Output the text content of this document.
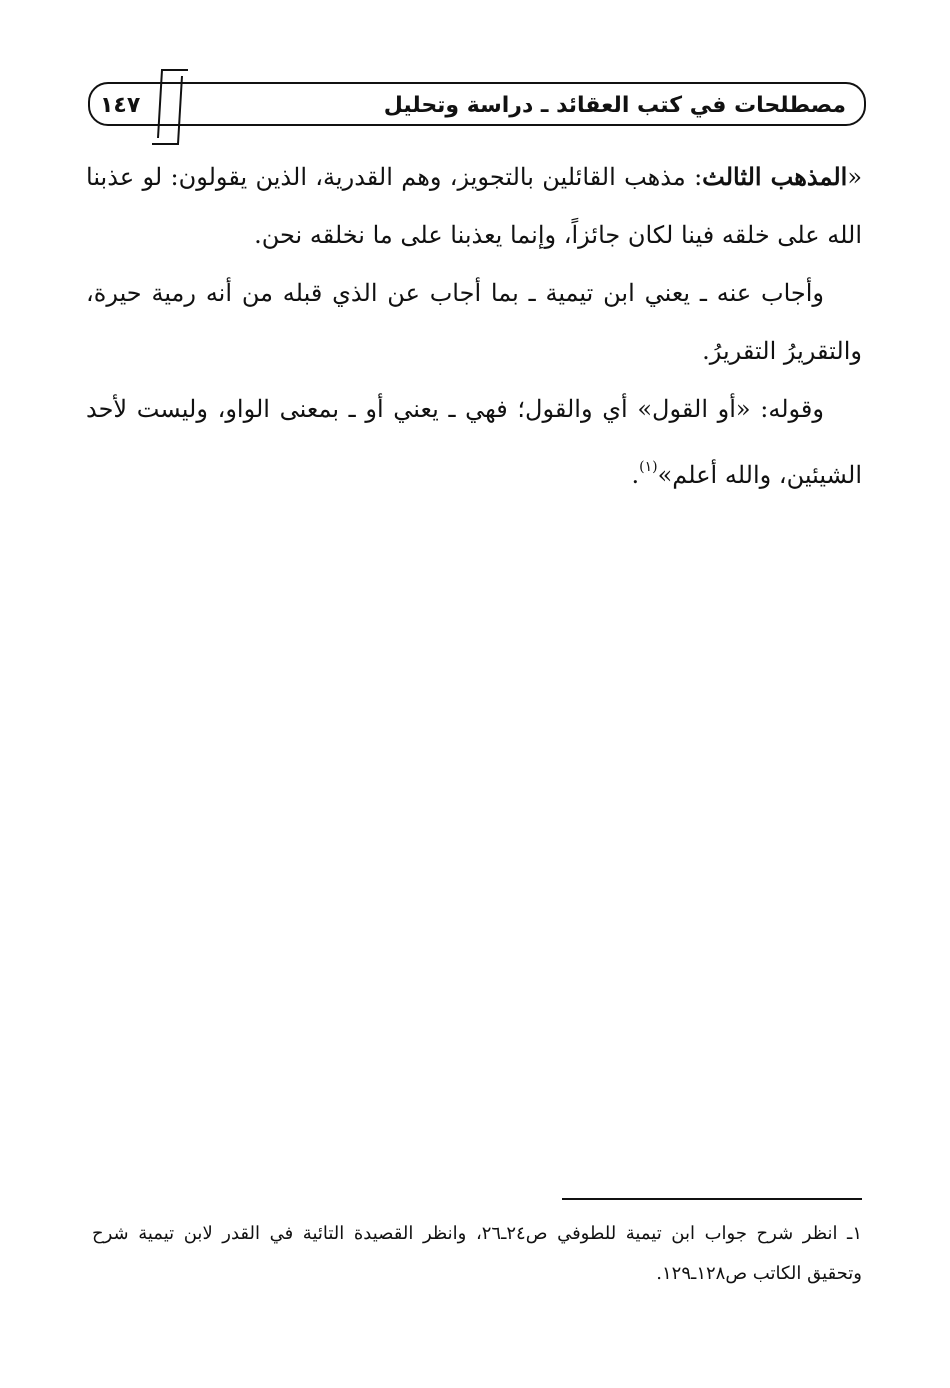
مصطلحات في كتب العقائد ـ دراسة وتحليل
١٤٧

«المذهب الثالث: مذهب القائلين بالتجويز، وهم القدرية، الذين يقولون: لو عذبنا الله على خلقه فينا لكان جائزاً، وإنما يعذبنا على ما نخلقه نحن.

وأجاب عنه ـ يعني ابن تيمية ـ بما أجاب عن الذي قبله من أنه رمية حيرة، والتقريرُ التقريرُ.

وقوله: «أو القول» أي والقول؛ فهي ـ يعني أو ـ بمعنى الواو، وليست لأحد الشيئين، والله أعلم»$^{(١)}$.

١ـ انظر شرح جواب ابن تيمية للطوفي ص٢٤ـ٢٦، وانظر القصيدة التائية في القدر لابن تيمية شرح وتحقيق الكاتب ص١٢٨ـ١٢٩.
